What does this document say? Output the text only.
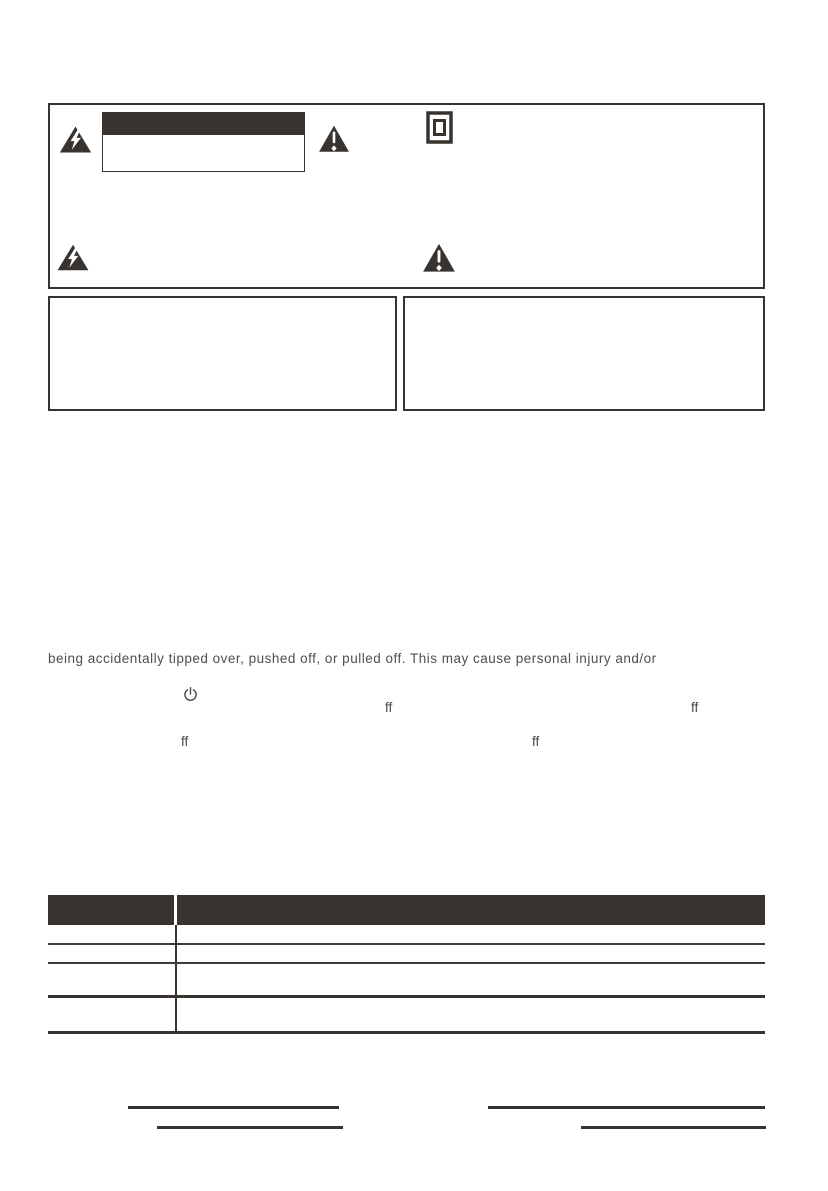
being accidentally tipped over, pushed off, or pulled off. This may cause personal injury and/or
ff	ff
ff	ff
